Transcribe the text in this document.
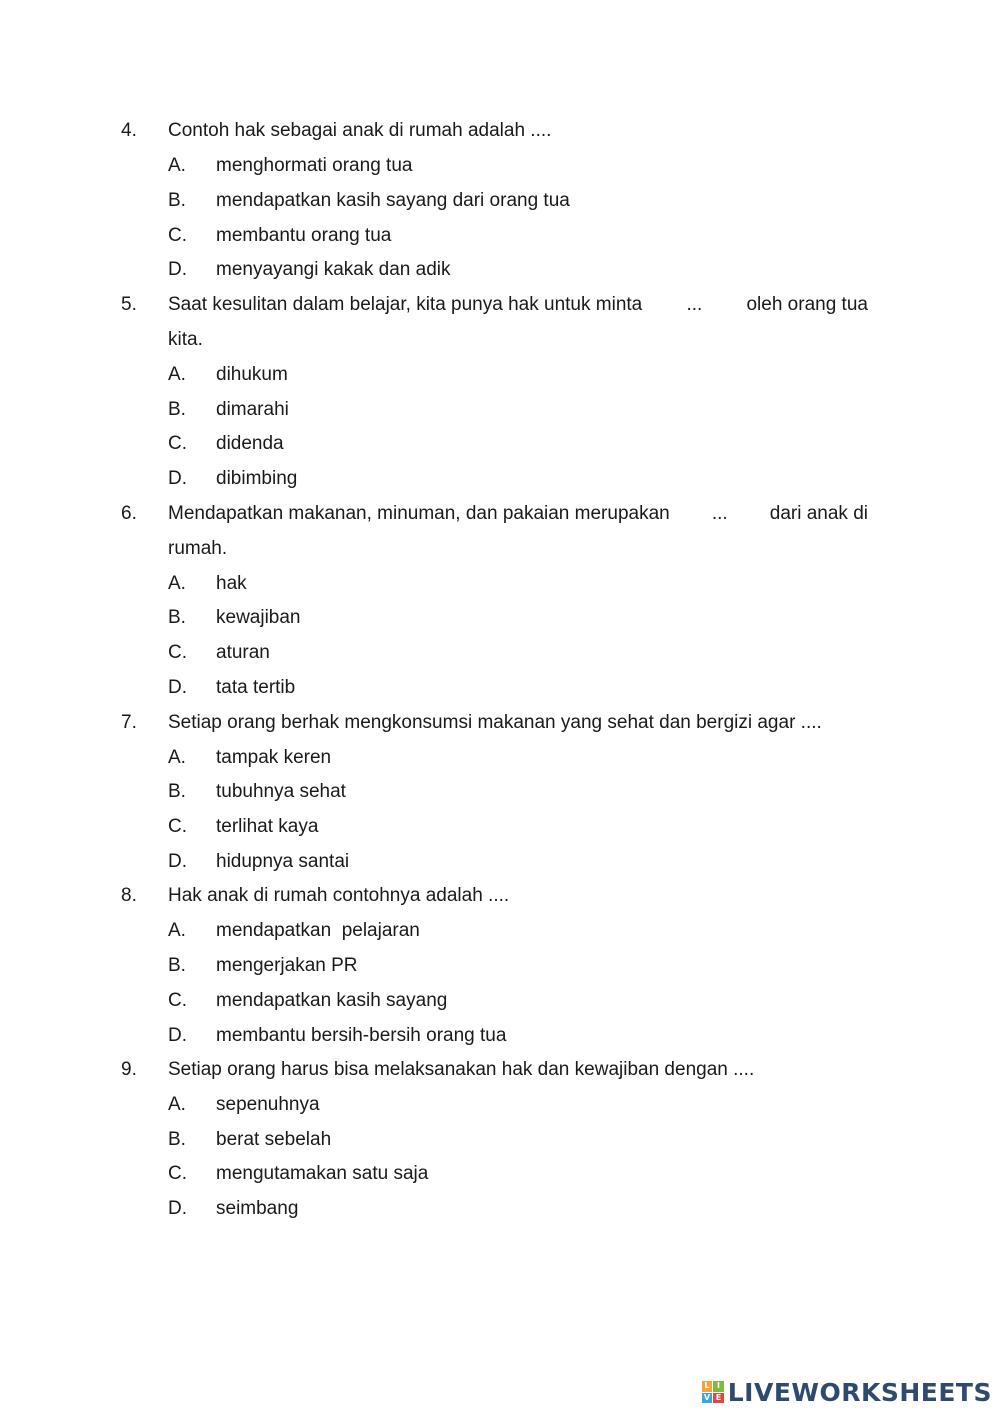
4. Contoh hak sebagai anak di rumah adalah ....
A. menghormati orang tua
B. mendapatkan kasih sayang dari orang tua
C. membantu orang tua
D. menyayangi kakak dan adik
5. Saat kesulitan dalam belajar, kita punya hak untuk minta ... oleh orang tua
kita.
A. dihukum
B. dimarahi
C. didenda
D. dibimbing
6. Mendapatkan makanan, minuman, dan pakaian merupakan ... dari anak di
rumah.
A. hak
B. kewajiban
C. aturan
D. tata tertib
7. Setiap orang berhak mengkonsumsi makanan yang sehat dan bergizi agar ....
A. tampak keren
B. tubuhnya sehat
C. terlihat kaya
D. hidupnya santai
8. Hak anak di rumah contohnya adalah ....
A. mendapatkan  pelajaran
B. mengerjakan PR
C. mendapatkan kasih sayang
D. membantu bersih-bersih orang tua
9. Setiap orang harus bisa melaksanakan hak dan kewajiban dengan ....
A. sepenuhnya
B. berat sebelah
C. mengutamakan satu saja
D. seimbang
L I
V E LIVEWORKSHEETS
